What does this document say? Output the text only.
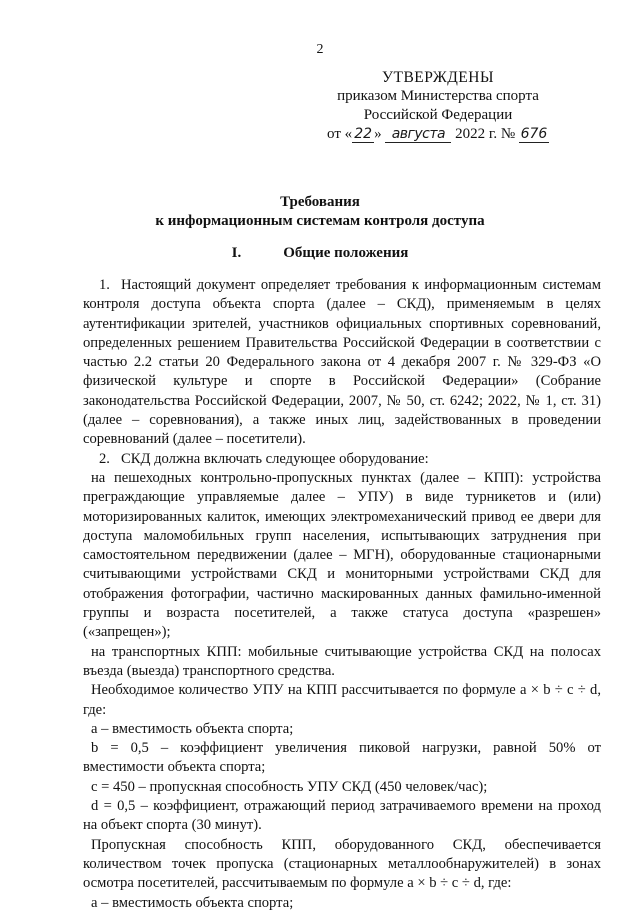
2
УТВЕРЖДЕНЫ
приказом Министерства спорта
Российской Федерации
от « 22 » августа 2022 г. № 676
Требования
к информационным системам контроля доступа
I.	Общие положения

1. Настоящий документ определяет требования к информационным системам контроля доступа объекта спорта (далее – СКД), применяемым в целях аутентификации зрителей, участников официальных спортивных соревнований, определенных решением Правительства Российской Федерации в соответствии с частью 2.2 статьи 20 Федерального закона от 4 декабря 2007 г. № 329-ФЗ «О физической культуре и спорте в Российской Федерации» (Собрание законодательства Российской Федерации, 2007, № 50, ст. 6242; 2022, № 1, ст. 31) (далее – соревнования), а также иных лиц, задействованных в проведении соревнований (далее – посетители).

2. СКД должна включать следующее оборудование:

на пешеходных контрольно-пропускных пунктах (далее – КПП): устройства преграждающие управляемые далее – УПУ) в виде турникетов и (или) моторизированных калиток, имеющих электромеханический привод ее двери для доступа маломобильных групп населения, испытывающих затруднения при самостоятельном передвижении (далее – МГН), оборудованные стационарными считывающими устройствами СКД и мониторными устройствами СКД для отображения фотографии, частично маскированных данных фамильно-именной группы и возраста посетителей, а также статуса доступа «разрешен» («запрещен»);

на транспортных КПП: мобильные считывающие устройства СКД на полосах въезда (выезда) транспортного средства.

Необходимое количество УПУ на КПП рассчитывается по формуле a × b ÷ c ÷ d, где:

a – вместимость объекта спорта;

b = 0,5 – коэффициент увеличения пиковой нагрузки, равной 50% от вместимости объекта спорта;

c = 450 – пропускная способность УПУ СКД (450 человек/час);

d = 0,5 – коэффициент, отражающий период затрачиваемого времени на проход на объект спорта (30 минут).

Пропускная способность КПП, оборудованного СКД, обеспечивается количеством точек пропуска (стационарных металлообнаружителей) в зонах осмотра посетителей, рассчитываемым по формуле a × b ÷ c ÷ d, где:

a – вместимость объекта спорта;
